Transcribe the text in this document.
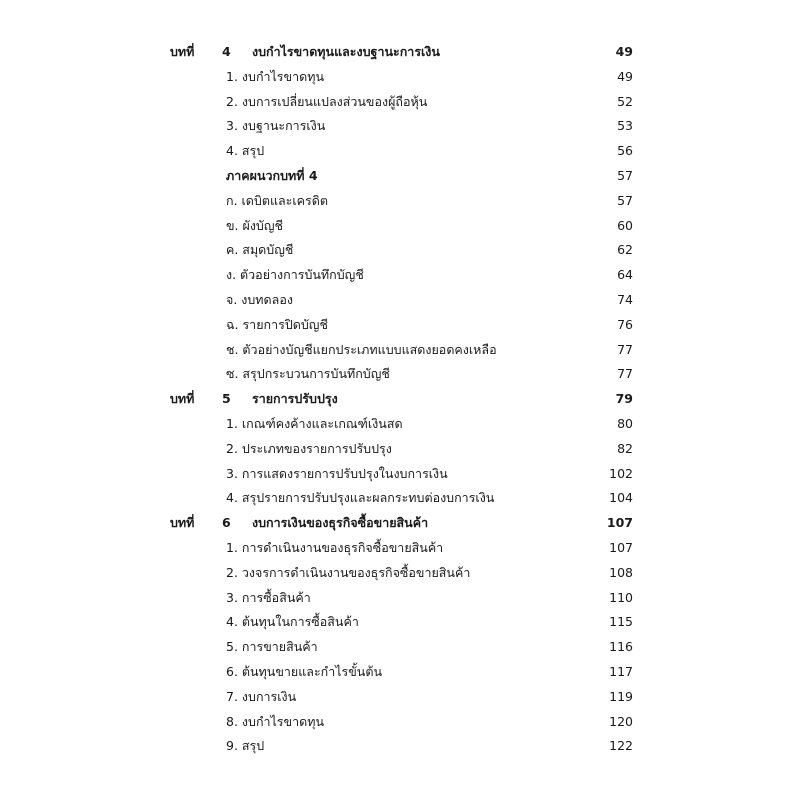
บทที่ 4 งบกำไรขาดทุนและงบฐานะการเงิน	49
1. งบกำไรขาดทุน	49
2. งบการเปลี่ยนแปลงส่วนของผู้ถือหุ้น	52
3. งบฐานะการเงิน	53
4. สรุป	56
ภาคผนวกบทที่ 4	57
ก. เดบิตและเครดิต	57
ข. ผังบัญชี	60
ค. สมุดบัญชี	62
ง. ตัวอย่างการบันทึกบัญชี	64
จ. งบทดลอง	74
ฉ. รายการปิดบัญชี	76
ช. ตัวอย่างบัญชีแยกประเภทแบบแสดงยอดคงเหลือ	77
ซ. สรุปกระบวนการบันทึกบัญชี	77
บทที่ 5 รายการปรับปรุง	79
1. เกณฑ์คงค้างและเกณฑ์เงินสด	80
2. ประเภทของรายการปรับปรุง	82
3. การแสดงรายการปรับปรุงในงบการเงิน	102
4. สรุปรายการปรับปรุงและผลกระทบต่องบการเงิน	104
บทที่ 6 งบการเงินของธุรกิจซื้อขายสินค้า	107
1. การดำเนินงานของธุรกิจซื้อขายสินค้า	107
2. วงจรการดำเนินงานของธุรกิจซื้อขายสินค้า	108
3. การซื้อสินค้า	110
4. ต้นทุนในการซื้อสินค้า	115
5. การขายสินค้า	116
6. ต้นทุนขายและกำไรขั้นต้น	117
7. งบการเงิน	119
8. งบกำไรขาดทุน	120
9. สรุป	122
